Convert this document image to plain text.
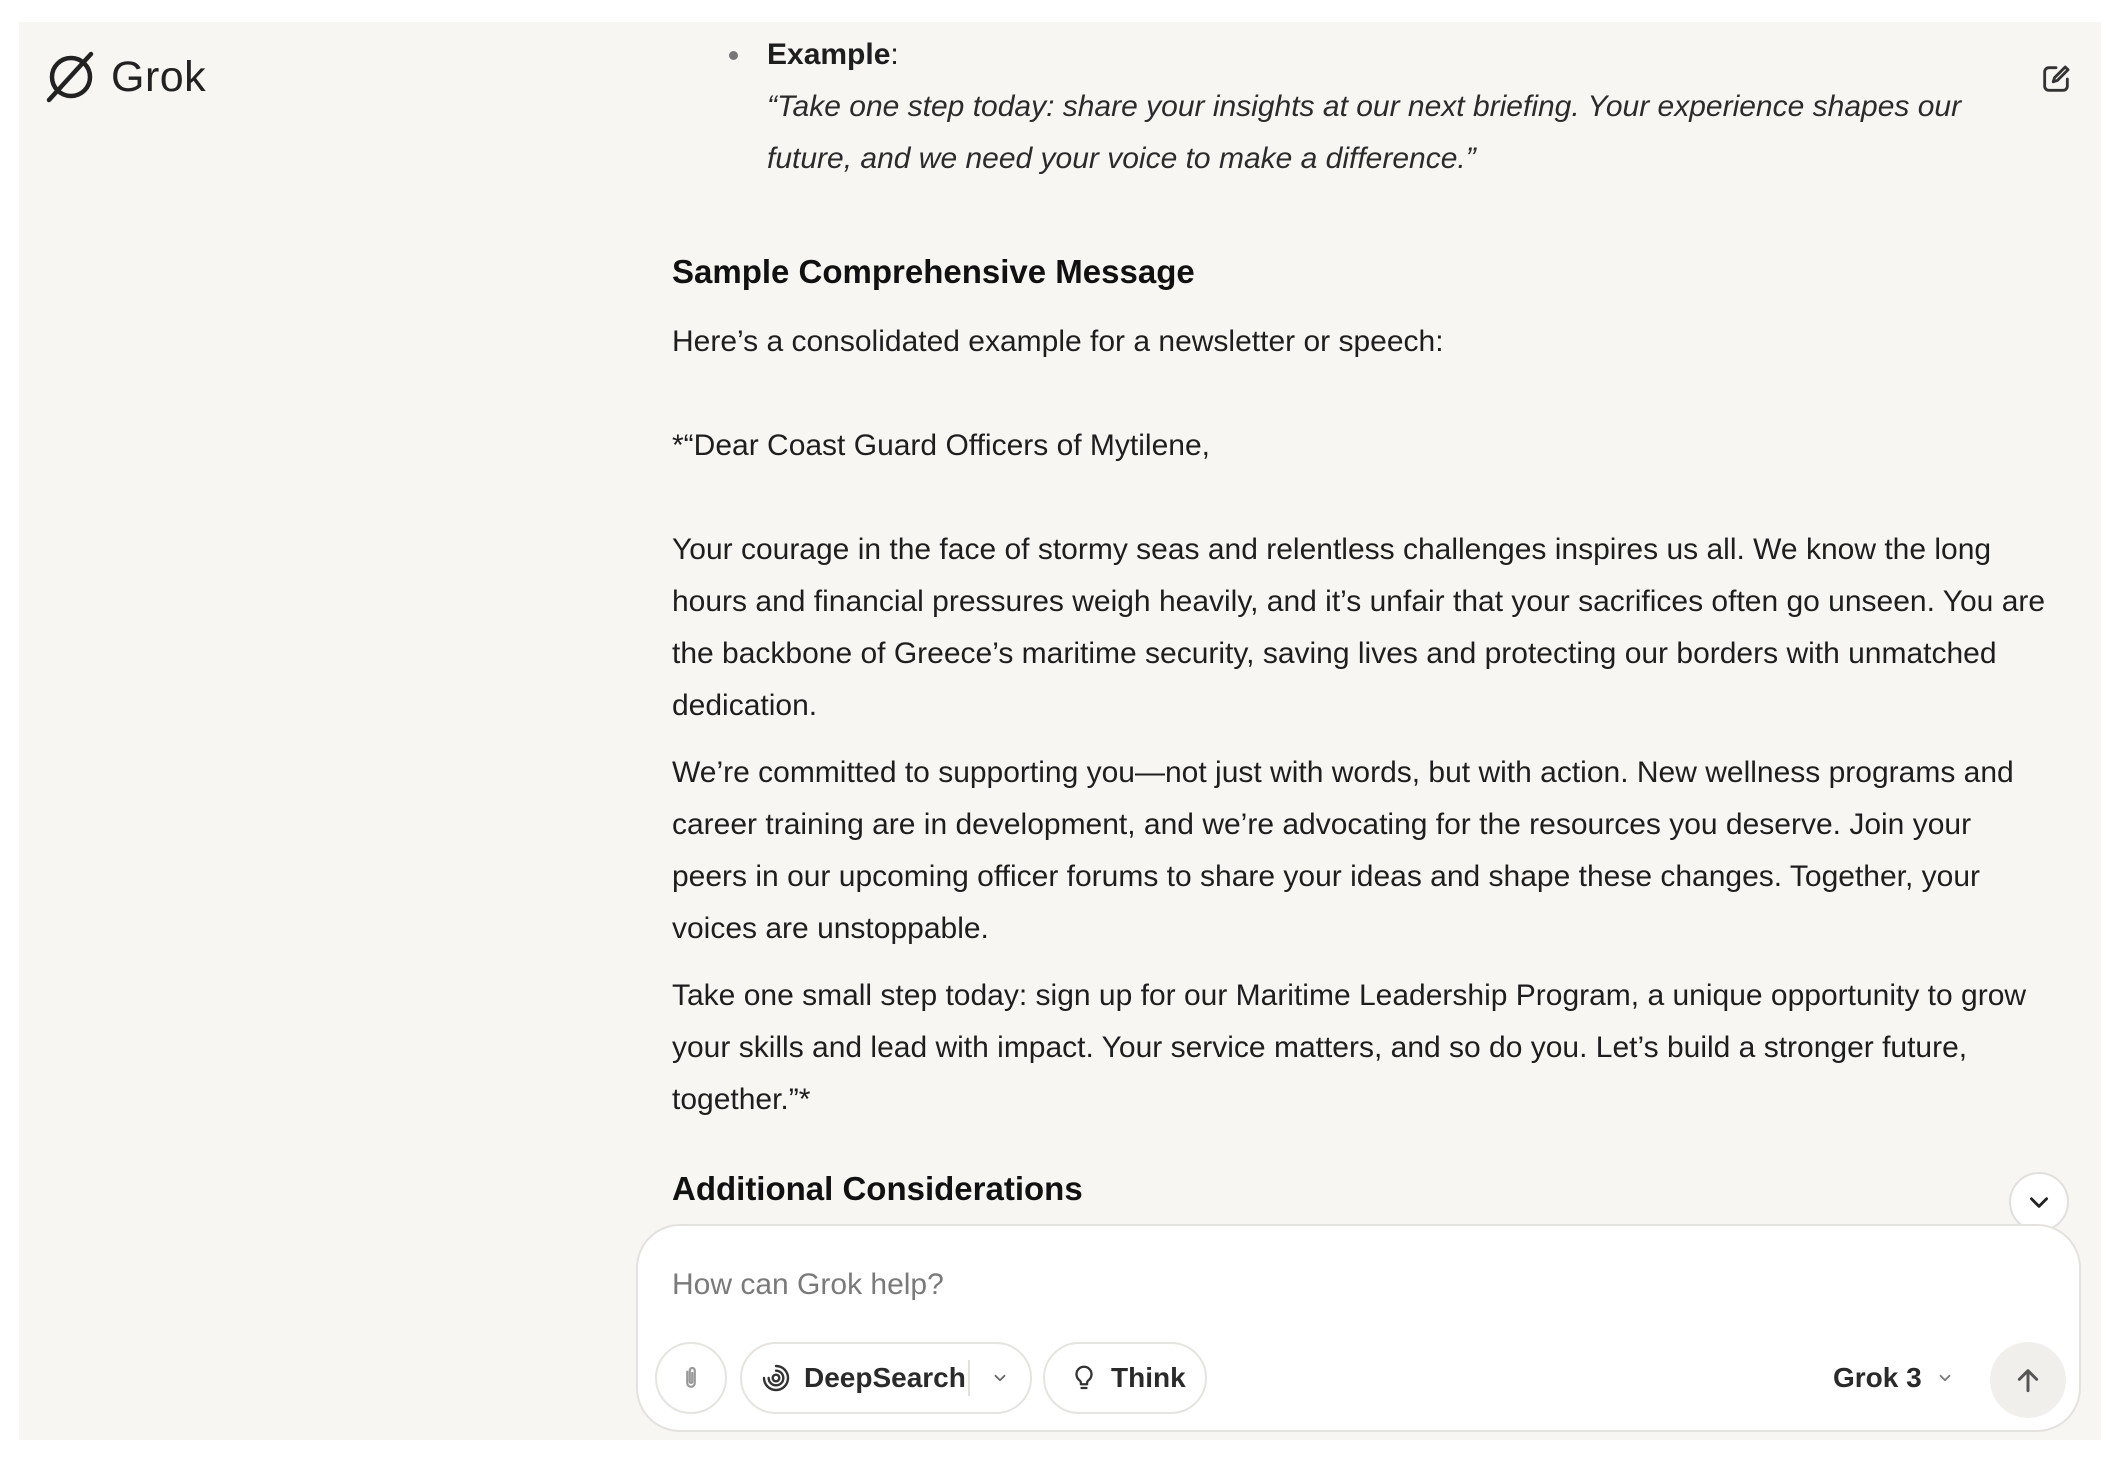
Grok	Example:
“Take one step today: share your insights at our next briefing. Your experience shapes our future, and we need your voice to make a difference.”
Sample Comprehensive Message
Here’s a consolidated example for a newsletter or speech:
*“Dear Coast Guard Officers of Mytilene,
Your courage in the face of stormy seas and relentless challenges inspires us all. We know the long hours and financial pressures weigh heavily, and it’s unfair that your sacrifices often go unseen. You are the backbone of Greece’s maritime security, saving lives and protecting our borders with unmatched dedication.
We’re committed to supporting you—not just with words, but with action. New wellness programs and career training are in development, and we’re advocating for the resources you deserve. Join your peers in our upcoming officer forums to share your ideas and shape these changes. Together, your voices are unstoppable.
Take one small step today: sign up for our Maritime Leadership Program, a unique opportunity to grow your skills and lead with impact. Your service matters, and so do you. Let’s build a stronger future, together.”*
Additional Considerations
How can Grok help?
DeepSearch	Think	Grok 3
